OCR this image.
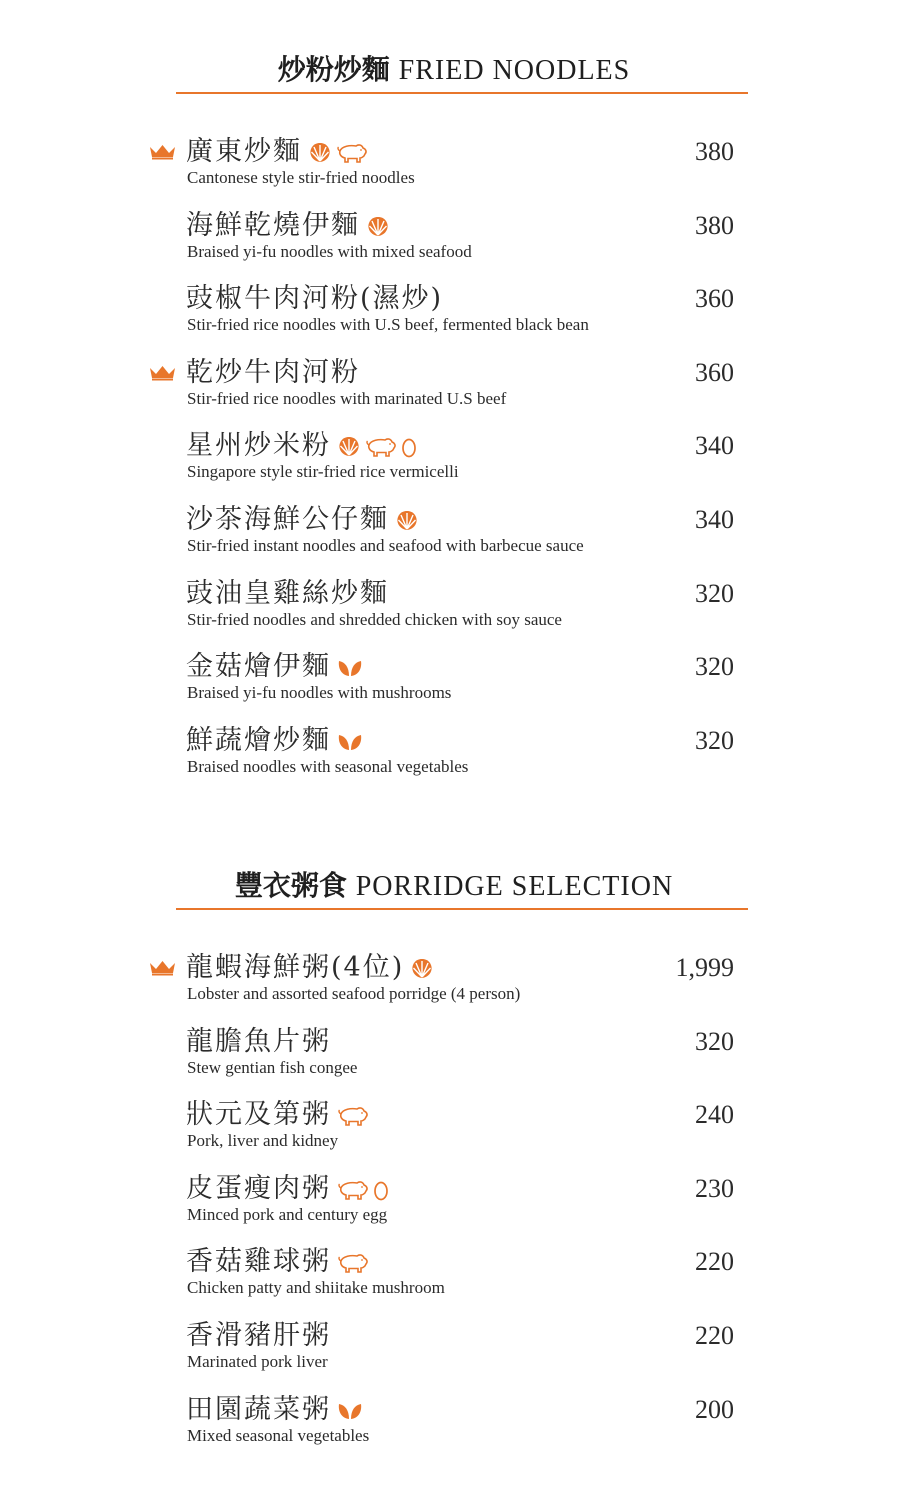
炒粉炒麵 FRIED NOODLES
廣東炒麵
Cantonese style stir-fried noodles
380
海鮮乾燒伊麵
Braised yi-fu noodles with mixed seafood
380
豉椒牛肉河粉(濕炒)
Stir-fried rice noodles with U.S beef, fermented black bean
360
乾炒牛肉河粉
Stir-fried rice noodles with marinated U.S beef
360
星州炒米粉
Singapore style stir-fried rice vermicelli
340
沙茶海鮮公仔麵
Stir-fried instant noodles and seafood with barbecue sauce
340
豉油皇雞絲炒麵
Stir-fried noodles and shredded chicken with soy sauce
320
金菇燴伊麵
Braised yi-fu noodles with mushrooms
320
鮮蔬燴炒麵
Braised noodles with seasonal vegetables
320
豐衣粥食 PORRIDGE SELECTION
龍蝦海鮮粥(4位)
Lobster and assorted seafood porridge (4 person)
1,999
龍膽魚片粥
Stew gentian fish congee
320
狀元及第粥
Pork, liver and kidney
240
皮蛋瘦肉粥
Minced pork and century egg
230
香菇雞球粥
Chicken patty and shiitake mushroom
220
香滑豬肝粥
Marinated pork liver
220
田園蔬菜粥
Mixed seasonal vegetables
200
